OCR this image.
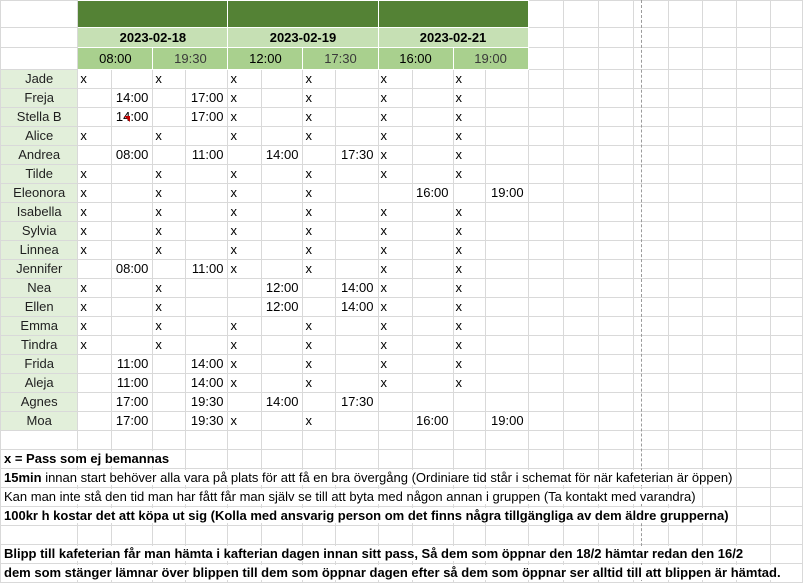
	2023-02-18				2023-02-19				2023-02-21											
	08:00		19:30		12:00		17:30		16:00		19:00									
Jade	x		x		x		x		x		x									
Freja		14:00		17:00	x		x		x		x									
Stella B		14:00		17:00	x		x		x		x									
Alice	x		x		x		x		x		x									
Andrea		08:00		11:00		14:00		17:30	x		x									
Tilde	x		x		x		x		x		x									
Eleonora	x		x		x		x			16:00		19:00								
Isabella	x		x		x		x		x		x									
Sylvia	x		x		x		x		x		x									
Linnea	x		x		x		x		x		x									
Jennifer		08:00		11:00	x		x		x		x									
Nea	x		x			12:00		14:00	x		x									
Ellen	x		x			12:00		14:00	x		x									
Emma	x		x		x		x		x		x									
Tindra	x		x		x		x		x		x									
Frida		11:00		14:00	x		x		x		x									
Aleja		11:00		14:00	x		x		x		x									
Agnes		17:00		19:30		14:00		17:30												
Moa		17:00		19:30	x		x			16:00		19:00								

x = Pass som ej bemannas
15min innan start behöver alla vara på plats för att få en bra övergång (Ordiniare tid står i schemat för när kafeterian är öppen)
Kan man inte stå den tid man har fått får man själv se till att byta med någon annan i gruppen (Ta kontakt med varandra)
100kr h kostar det att köpa ut sig (Kolla med ansvarig person om det finns några tillgängliga av dem äldre grupperna)
Blipp till kafeterian får man hämta i kafterian dagen innan sitt pass, Så dem som öppnar den 18/2 hämtar redan den 16/2
dem som stänger lämnar över blippen till dem som öppnar dagen efter så dem som öppnar ser alltid till att blippen är hämtad.
